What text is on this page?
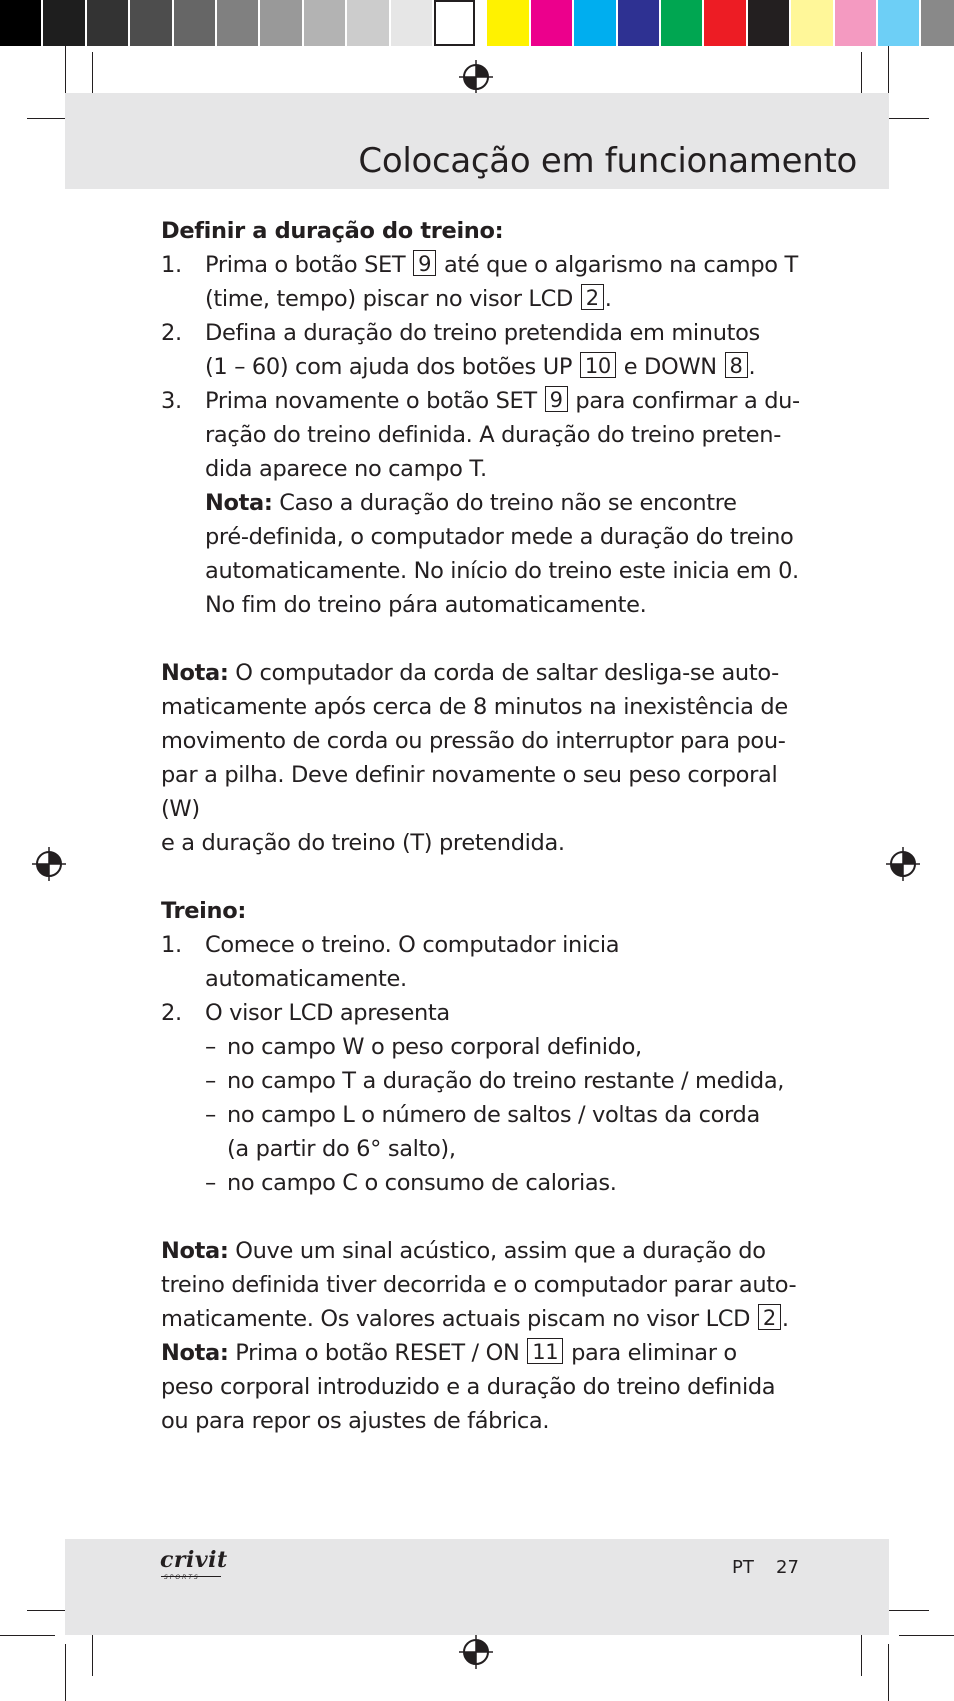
Colocação em funcionamento

Definir a duração do treino:

1. Prima o botão SET 9 até que o algarismo na campo T
(time, tempo) piscar no visor LCD 2 .
2. Defina a duração do treino pretendida em minutos
(1 – 60) com ajuda dos botões UP 10 e DOWN 8 .
3. Prima novamente o botão SET 9 para confirmar a du-
ração do treino definida. A duração do treino preten-
dida aparece no campo T.
Nota: Caso a duração do treino não se encontre
pré-definida, o computador mede a duração do treino
automaticamente. No início do treino este inicia em 0.
No fim do treino pára automaticamente.

Nota: O computador da corda de saltar desliga-se auto-
maticamente após cerca de 8 minutos na inexistência de
movimento de corda ou pressão do interruptor para pou-
par a pilha. Deve definir novamente o seu peso corporal (W)
e a duração do treino (T) pretendida.

Treino:

1. Comece o treino. O computador inicia automaticamente.
2. O visor LCD apresenta
– no campo W o peso corporal definido,
– no campo T a duração do treino restante / medida,
– no campo L o número de saltos / voltas da corda
(a partir do 6° salto),
– no campo C o consumo de calorias.

Nota: Ouve um sinal acústico, assim que a duração do
treino definida tiver decorrida e o computador parar auto-
maticamente. Os valores actuais piscam no visor LCD 2 .
Nota: Prima o botão RESET / ON 11 para eliminar o
peso corporal introduzido e a duração do treino definida
ou para repor os ajustes de fábrica.

crivit
SPORTS	PT 27
